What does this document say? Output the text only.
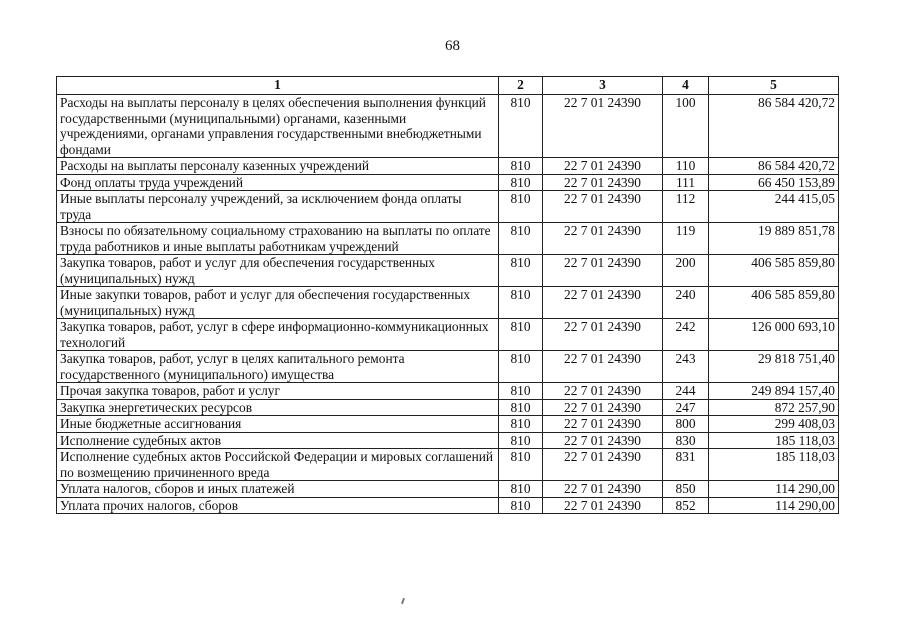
68
1	2	3	4	5
Расходы на выплаты персоналу в целях обеспечения выполнения функций государственными (муниципальными) органами, казенными учреждениями, органами управления государственными внебюджетными фондами	810	22 7 01 24390	100	86 584 420,72
Расходы на выплаты персоналу казенных учреждений	810	22 7 01 24390	110	86 584 420,72
Фонд оплаты труда учреждений	810	22 7 01 24390	111	66 450 153,89
Иные выплаты персоналу учреждений, за исключением фонда оплаты труда	810	22 7 01 24390	112	244 415,05
Взносы по обязательному социальному страхованию на выплаты по оплате труда работников и иные выплаты работникам учреждений	810	22 7 01 24390	119	19 889 851,78
Закупка товаров, работ и услуг для обеспечения государственных (муниципальных) нужд	810	22 7 01 24390	200	406 585 859,80
Иные закупки товаров, работ и услуг для обеспечения государственных (муниципальных) нужд	810	22 7 01 24390	240	406 585 859,80
Закупка товаров, работ, услуг в сфере информационно-коммуникационных технологий	810	22 7 01 24390	242	126 000 693,10
Закупка товаров, работ, услуг в целях капитального ремонта государственного (муниципального) имущества	810	22 7 01 24390	243	29 818 751,40
Прочая закупка товаров, работ и услуг	810	22 7 01 24390	244	249 894 157,40
Закупка энергетических ресурсов	810	22 7 01 24390	247	872 257,90
Иные бюджетные ассигнования	810	22 7 01 24390	800	299 408,03
Исполнение судебных актов	810	22 7 01 24390	830	185 118,03
Исполнение судебных актов Российской Федерации и мировых соглашений по возмещению причиненного вреда	810	22 7 01 24390	831	185 118,03
Уплата налогов, сборов и иных платежей	810	22 7 01 24390	850	114 290,00
Уплата прочих налогов, сборов	810	22 7 01 24390	852	114 290,00
